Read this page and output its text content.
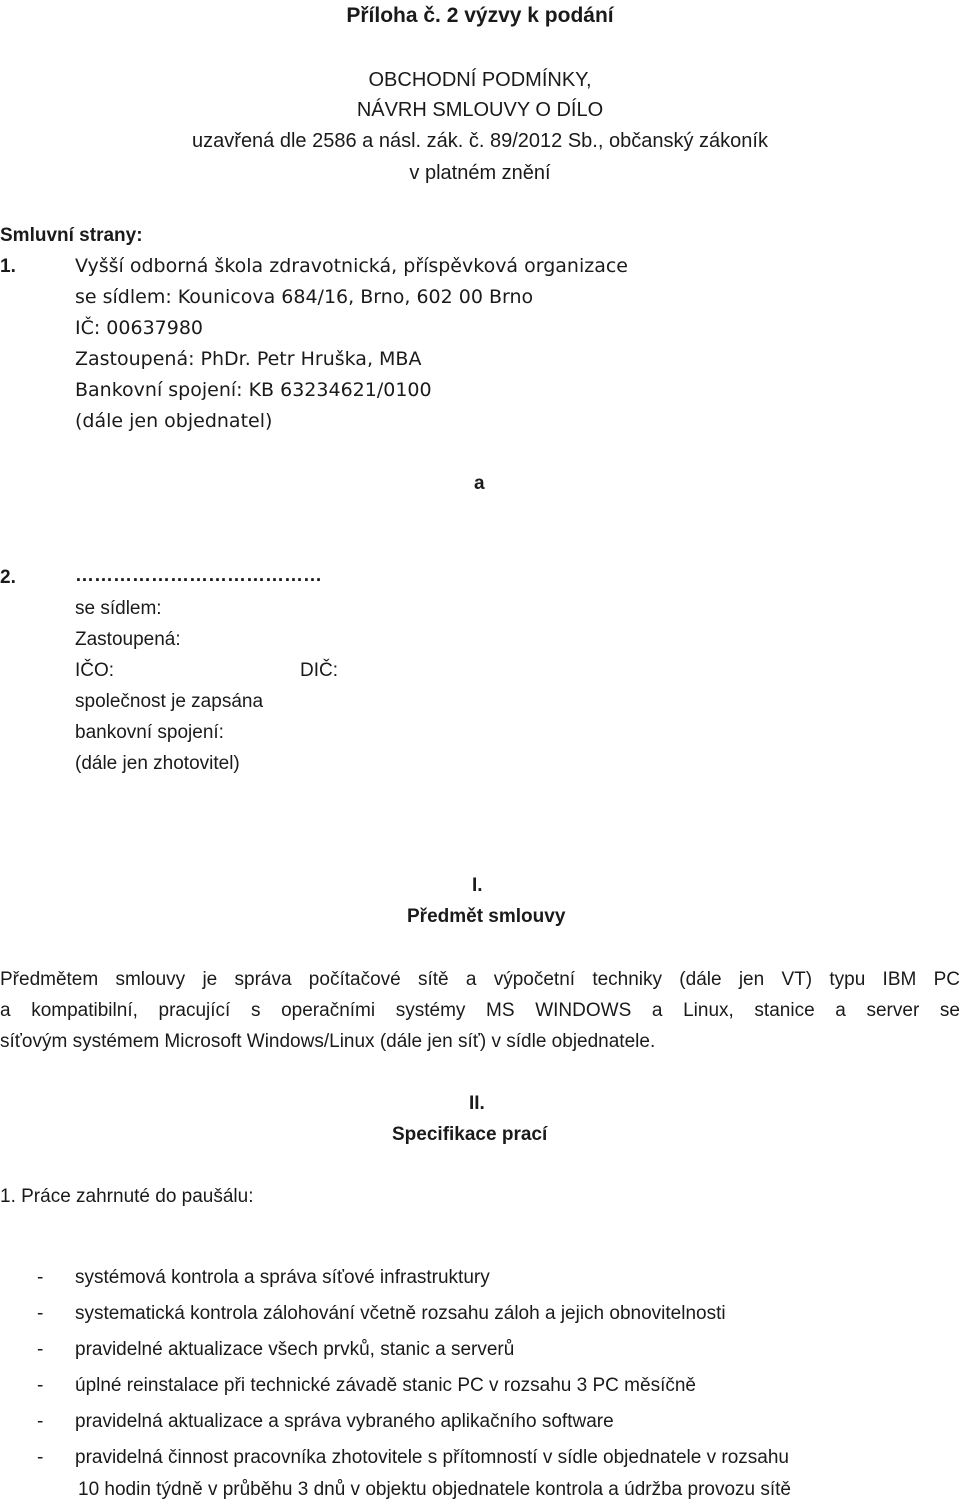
Příloha č. 2 výzvy k podání
OBCHODNÍ PODMÍNKY,
NÁVRH SMLOUVY O DÍLO
uzavřená dle 2586 a násl. zák. č. 89/2012 Sb., občanský zákoník
v platném znění
Smluvní strany:
1.	Vyšší odborná škola zdravotnická, příspěvková organizace
se sídlem: Kounicova 684/16, Brno, 602 00 Brno
IČ: 00637980
Zastoupená: PhDr. Petr Hruška, MBA
Bankovní spojení: KB 63234621/0100
(dále jen objednatel)
a
2.	…………………………………
se sídlem:
Zastoupená:
IČO:	DIČ:
společnost je zapsána
bankovní spojení:
(dále jen zhotovitel)
I.
Předmět smlouvy
Předmětem smlouvy je správa počítačové sítě a výpočetní techniky (dále jen VT) typu IBM PC
a kompatibilní, pracující s operačními systémy MS WINDOWS a Linux, stanice a server se
síťovým systémem Microsoft Windows/Linux (dále jen síť) v sídle objednatele.
II.
Specifikace prací
1. Práce zahrnuté do paušálu:
- systémová kontrola a správa síťové infrastruktury
- systematická kontrola zálohování včetně rozsahu záloh a jejich obnovitelnosti
- pravidelné aktualizace všech prvků, stanic a serverů
- úplné reinstalace při technické závadě stanic PC v rozsahu 3 PC měsíčně
- pravidelná aktualizace a správa vybraného aplikačního software
- pravidelná činnost pracovníka zhotovitele s přítomností v sídle objednatele v rozsahu
10 hodin týdně v průběhu 3 dnů v objektu objednatele kontrola a údržba provozu sítě
